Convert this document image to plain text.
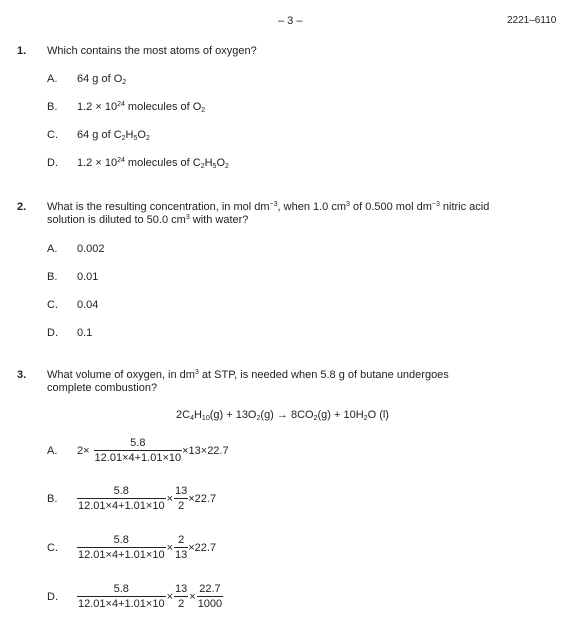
– 3 –	2221–6110
1. Which contains the most atoms of oxygen?
A. 64 g of $O_2$
B. $1.2 \times 10^{24}$ molecules of $O_2$
C. 64 g of $C_2H_5O_2$
D. $1.2 \times 10^{24}$ molecules of $C_2H_5O_2$
2. What is the resulting concentration, in mol $dm^{-3}$, when 1.0 $cm^3$ of 0.500 mol $dm^{-3}$ nitric acid
solution is diluted to 50.0 $cm^3$ with water?
A. 0.002
B. 0.01
C. 0.04
D. 0.1
3. What volume of oxygen, in $dm^3$ at STP, is needed when 5.8 g of butane undergoes
complete combustion?
$2C_4H_{10}(g) + 13O_2(g) \to 8CO_2(g) + 10H_2O$ (l)
A. $2\times \frac{5.8}{12.01\times 4+1.01\times 10} \times 13\times 22.7$
B. $\frac{5.8}{12.01\times 4+1.01\times 10} \times \frac{13}{2} \times 22.7$
C. $\frac{5.8}{12.01\times 4+1.01\times 10} \times \frac{2}{13} \times 22.7$
D. $\frac{5.8}{12.01\times 4+1.01\times 10} \times \frac{13}{2} \times \frac{22.7}{1000}$
